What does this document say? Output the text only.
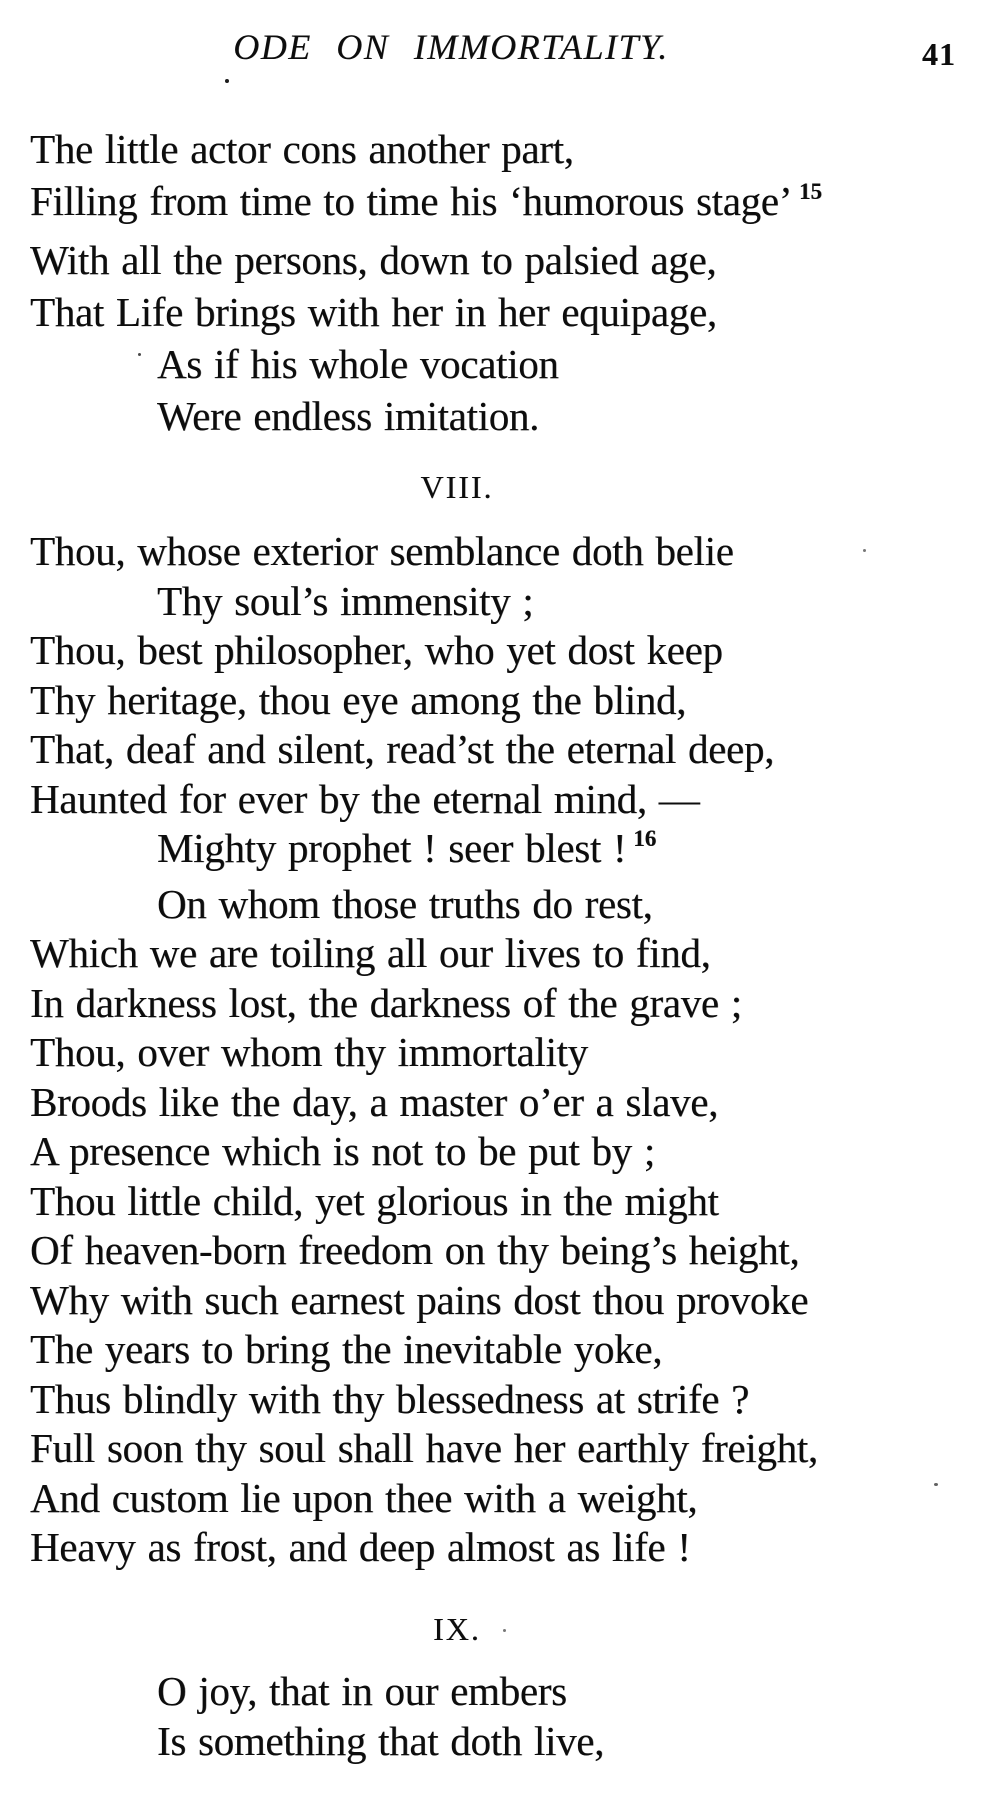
ODE ON IMMORTALITY.	41
The little actor cons another part,
Filling from time to time his ‘humorous stage’ $^{15}$
With all the persons, down to palsied age,
That Life brings with her in her equipage,
As if his whole vocation
Were endless imitation.
VIII.
Thou, whose exterior semblance doth belie
Thy soul’s immensity ;
Thou, best philosopher, who yet dost keep
Thy heritage, thou eye among the blind,
That, deaf and silent, read’st the eternal deep,
Haunted for ever by the eternal mind, —
Mighty prophet ! seer blest ! $^{16}$
On whom those truths do rest,
Which we are toiling all our lives to find,
In darkness lost, the darkness of the grave ;
Thou, over whom thy immortality
Broods like the day, a master o’er a slave,
A presence which is not to be put by ;
Thou little child, yet glorious in the might
Of heaven-born freedom on thy being’s height,
Why with such earnest pains dost thou provoke
The years to bring the inevitable yoke,
Thus blindly with thy blessedness at strife ?
Full soon thy soul shall have her earthly freight,
And custom lie upon thee with a weight,
Heavy as frost, and deep almost as life !
IX.
O joy, that in our embers
Is something that doth live,
